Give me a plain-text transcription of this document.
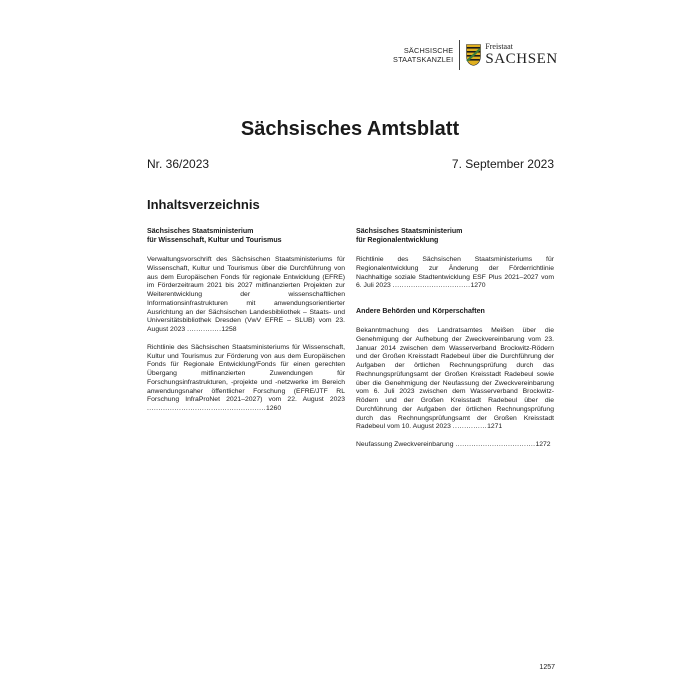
SÄCHSISCHE
STAATSKANZLEI
Freistaat
SACHSEN
Sächsisches Amtsblatt
Nr. 36/2023	7. September 2023
Inhaltsverzeichnis
Sächsisches Staatsministerium
für Wissenschaft, Kultur und Tourismus
Verwaltungsvorschrift des Sächsischen Staatsministeriums für Wissenschaft, Kultur und Tourismus über die Durchführung von aus dem Europäischen Fonds für regionale Entwicklung (EFRE) im Förderzeitraum 2021 bis 2027 mitfinanzierten Projekten zur Weiterentwicklung der wissenschaftlichen Informationsinfrastrukturen mit anwendungsorientierter Ausrichtung an der Sächsischen Landesbibliothek – Staats- und Universitätsbibliothek Dresden (VwV EFRE – SLUB) vom 23. August 2023 ...............1258
Richtlinie des Sächsischen Staatsministeriums für Wissenschaft, Kultur und Tourismus zur Förderung von aus dem Europäischen Fonds für Regionale Entwicklung/Fonds für einen gerechten Übergang mitfinanzierten Zuwendungen für Forschungsinfrastrukturen, -projekte und -netzwerke im Bereich anwendungsnaher öffentlicher Forschung (EFRE/JTF RL Forschung InfraProNet 2021–2027) vom 22. August 2023 ....................................................1260
Sächsisches Staatsministerium
für Regionalentwicklung
Richtlinie des Sächsischen Staatsministeriums für Regionalentwicklung zur Änderung der Förderrichtlinie Nachhaltige soziale Stadtentwicklung ESF Plus 2021–2027 vom 6. Juli 2023 ..................................1270
Andere Behörden und Körperschaften
Bekanntmachung des Landratsamtes Meißen über die Genehmigung der Aufhebung der Zweckvereinbarung vom 23. Januar 2014 zwischen dem Wasserverband Brockwitz-Rödern und der Großen Kreisstadt Radebeul über die Durchführung der Aufgaben der örtlichen Rechnungsprüfung durch das Rechnungsprüfungsamt der Großen Kreisstadt Radebeul sowie über die Genehmigung der Neufassung der Zweckvereinbarung vom 6. Juli 2023 zwischen dem Wasserverband Brockwitz-Rödern und der Großen Kreisstadt Radebeul über die Durchführung der Aufgaben der örtlichen Rechnungsprüfung durch das Rechnungsprüfungsamt der Großen Kreisstadt Radebeul vom 10. August 2023 ...............1271
Neufassung Zweckvereinbarung ...................................1272
1257
